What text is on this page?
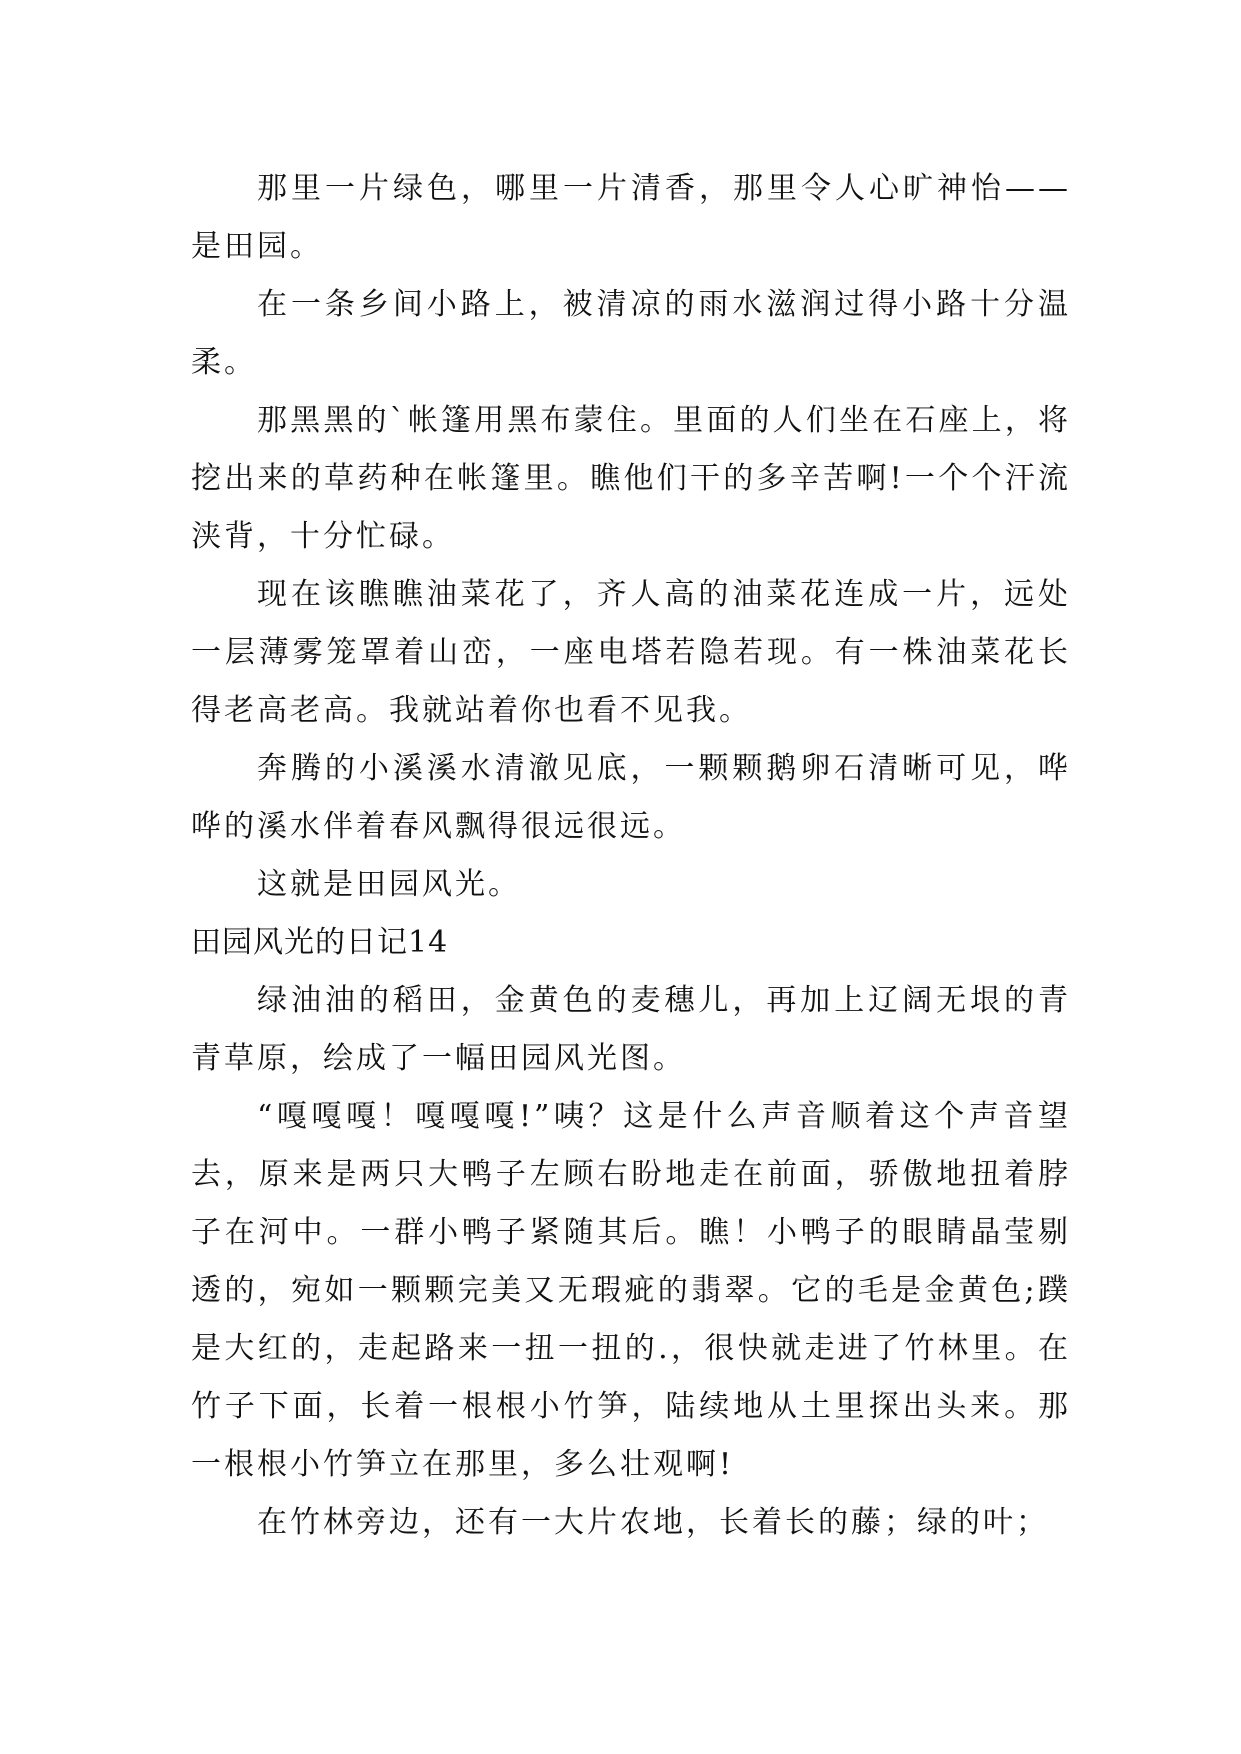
那里一片绿色，哪里一片清香，那里令人心旷神怡——是田园。

在一条乡间小路上，被清凉的雨水滋润过得小路十分温柔。

那黑黑的`帐篷用黑布蒙住。里面的人们坐在石座上，将挖出来的草药种在帐篷里。瞧他们干的多辛苦啊!一个个汗流浃背，十分忙碌。

现在该瞧瞧油菜花了，齐人高的油菜花连成一片，远处一层薄雾笼罩着山峦，一座电塔若隐若现。有一株油菜花长得老高老高。我就站着你也看不见我。

奔腾的小溪溪水清澈见底，一颗颗鹅卵石清晰可见，哗哗的溪水伴着春风飘得很远很远。

这就是田园风光。

田园风光的日记14

绿油油的稻田，金黄色的麦穗儿，再加上辽阔无垠的青青草原，绘成了一幅田园风光图。

“嘎嘎嘎！嘎嘎嘎!”咦？这是什么声音顺着这个声音望去，原来是两只大鸭子左顾右盼地走在前面，骄傲地扭着脖子在河中。一群小鸭子紧随其后。瞧！小鸭子的眼睛晶莹剔透的，宛如一颗颗完美又无瑕疵的翡翠。它的毛是金黄色;蹼是大红的，走起路来一扭一扭的.，很快就走进了竹林里。在竹子下面，长着一根根小竹笋，陆续地从土里探出头来。那一根根小竹笋立在那里，多么壮观啊!

在竹林旁边，还有一大片农地，长着长的藤；绿的叶；
